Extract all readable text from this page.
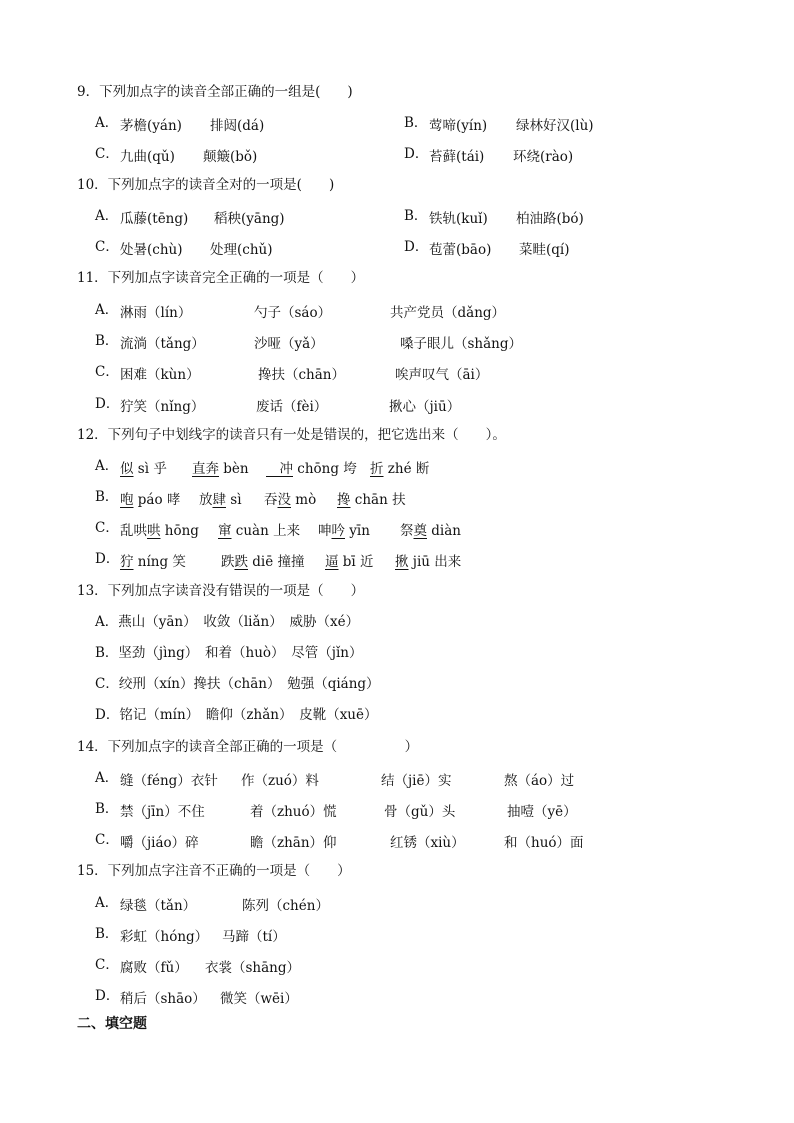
9．下列加点字的读音全部正确的一组是(　　)
A． 茅檐(yán) 排闼(dá)	B． 莺啼(yín) 绿林好汉(lù)
C． 九曲(qǔ) 颠簸(bǒ)	D． 苔藓(tái) 环绕(rào)
10．下列加点字的读音全对的一项是(　　)
A． 瓜藤(tēng) 稻秧(yāng)	B． 铁轨(kuǐ) 柏油路(bó)
C． 处暑(chù) 处理(chǔ)	D． 苞蕾(bāo) 菜畦(qí)
11．下列加点字读音完全正确的一项是（　　）
A． 淋雨（lín）	勺子（sáo）	共产党员（dǎng）
B． 流淌（tǎng）	沙哑（yǎ）	嗓子眼儿（shǎng）
C． 困难（kùn）	搀扶（chān）	唉声叹气（āi）
D． 狞笑（nǐng）	废话（fèi）	揪心（jiū）
12．下列句子中划线字的读音只有一处是错误的，把它选出来（　　）。
A． 似 sì 乎 直奔 bèn 　冲 chōng 垮 折 zhé 断
B． 咆 páo 哮 放肆 sì 吞没 mò 搀 chān 扶
C． 乱哄哄 hōng 窜 cuàn 上来 呻吟 yīn 祭奠 diàn
D． 狞 níng 笑	跌跌 diē 撞撞 逼 bī 近 揪 jiū 出来
13．下列加点字读音没有错误的一项是（　　）
A．燕山（yān）　收敛（liǎn）　威胁（xé）
B．坚劲（jìng）　和着（huò）　尽管（jǐn）
C．绞刑（xín）搀扶（chān）　勉强（qiáng）
D．铭记（mín）　瞻仰（zhǎn）　皮靴（xuē）
14．下列加点字的读音全部正确的一项是（　　　　　）
A． 缝（féng）衣针 作（zuó）料	结（jiē）实	熬（áo）过
B． 禁（jīn）不住	着（zhuó）慌	骨（gǔ）头	抽噎（yē）
C． 嚼（jiáo）碎	瞻（zhān）仰	红锈（xiù）	和（huó）面
15．下列加点字注音不正确的一项是（　　）
A． 绿毯（tǎn）	陈列（chén）
B． 彩虹（hóng） 马蹄（tí）
C． 腐败（fǔ） 衣裳（shāng）
D． 稍后（shāo） 微笑（wēi）
二、填空题
